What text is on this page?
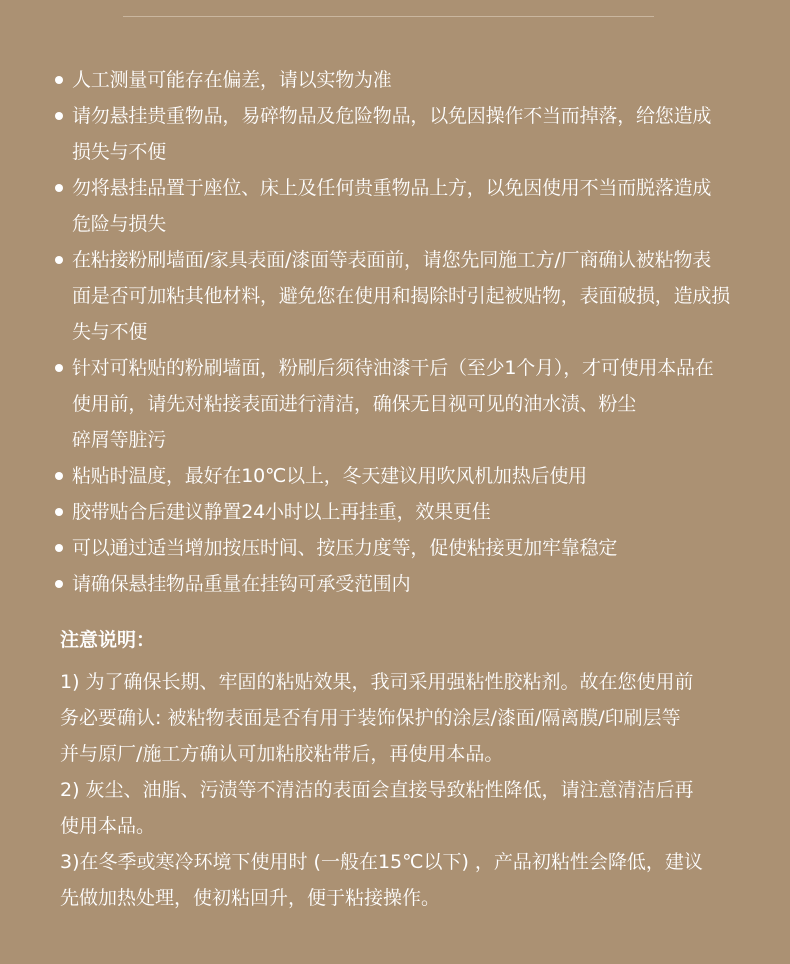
人工测量可能存在偏差，请以实物为准
请勿悬挂贵重物品，易碎物品及危险物品，以免因操作不当而掉落，给您造成
损失与不便
勿将悬挂品置于座位、床上及任何贵重物品上方，以免因使用不当而脱落造成
危险与损失
在粘接粉刷墙面/家具表面/漆面等表面前，请您先同施工方/厂商确认被粘物表
面是否可加粘其他材料，避免您在使用和揭除时引起被贴物，表面破损，造成损
失与不便
针对可粘贴的粉刷墙面，粉刷后须待油漆干后（至少1个月），才可使用本品在
使用前，请先对粘接表面进行清洁，确保无目视可见的油水渍、粉尘
碎屑等脏污
粘贴时温度，最好在10℃以上，冬天建议用吹风机加热后使用
胶带贴合后建议静置24小时以上再挂重，效果更佳
可以通过适当增加按压时间、按压力度等，促使粘接更加牢靠稳定
请确保悬挂物品重量在挂钩可承受范围内
注意说明：
1) 为了确保长期、牢固的粘贴效果，我司采用强粘性胶粘剂。故在您使用前
务必要确认: 被粘物表面是否有用于装饰保护的涂层/漆面/隔离膜/印刷层等
并与原厂/施工方确认可加粘胶粘带后，再使用本品。
2) 灰尘、油脂、污渍等不清洁的表面会直接导致粘性降低，请注意清洁后再
使用本品。
3)在冬季或寒冷环境下使用时 (一般在15℃以下) ，产品初粘性会降低，建议
先做加热处理，使初粘回升，便于粘接操作。
